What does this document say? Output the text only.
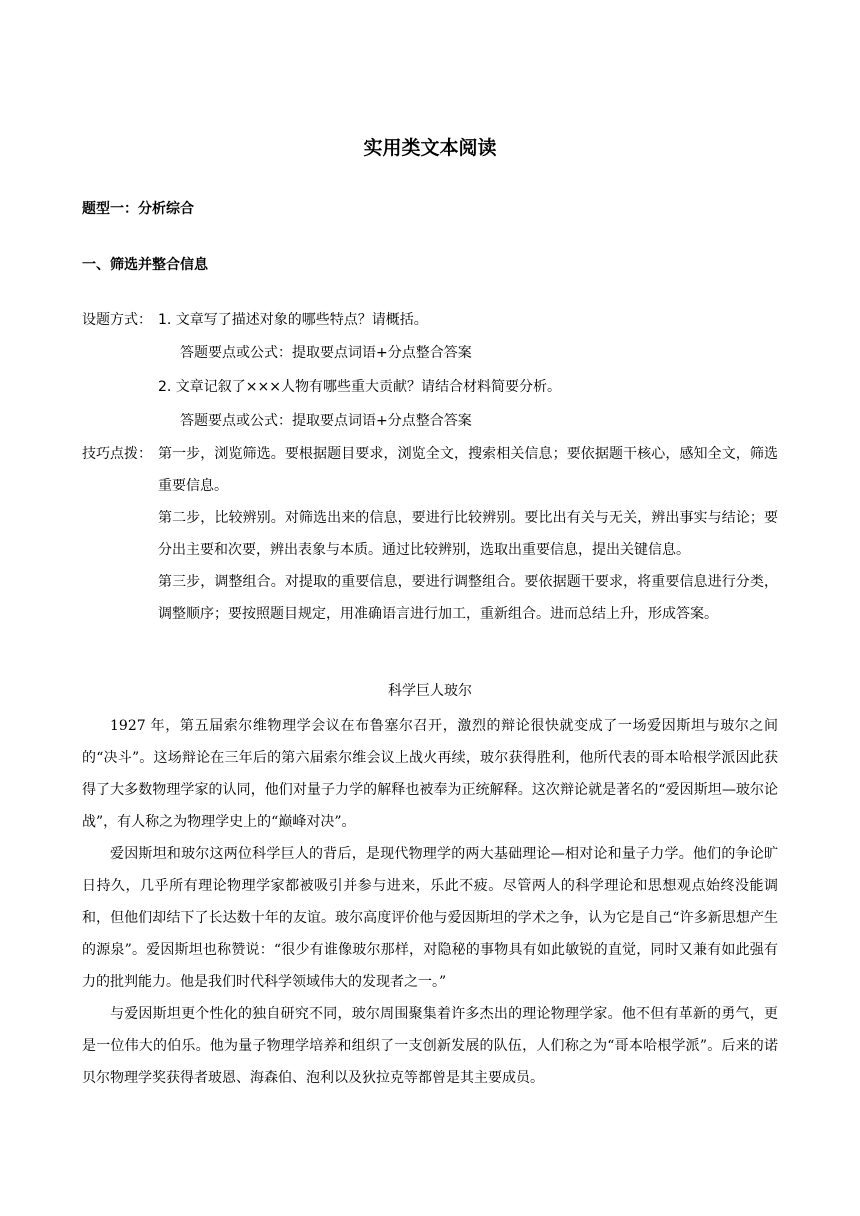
实用类文本阅读
题型一：分析综合
一、筛选并整合信息
设题方式： 1. 文章写了描述对象的哪些特点？请概括。
答题要点或公式：提取要点词语+分点整合答案
2. 文章记叙了×××人物有哪些重大贡献？请结合材料简要分析。
答题要点或公式：提取要点词语+分点整合答案
技巧点拨： 第一步，浏览筛选。要根据题目要求，浏览全文，搜索相关信息；要依据题干核心，感知全文，筛选重要信息。
第二步，比较辨别。对筛选出来的信息，要进行比较辨别。要比出有关与无关，辨出事实与结论；要分出主要和次要，辨出表象与本质。通过比较辨别，选取出重要信息，提出关键信息。
第三步，调整组合。对提取的重要信息，要进行调整组合。要依据题干要求，将重要信息进行分类，调整顺序；要按照题目规定，用准确语言进行加工，重新组合。进而总结上升，形成答案。
科学巨人玻尔

1927 年，第五届索尔维物理学会议在布鲁塞尔召开，激烈的辩论很快就变成了一场爱因斯坦与玻尔之间的“决斗”。这场辩论在三年后的第六届索尔维会议上战火再续，玻尔获得胜利，他所代表的哥本哈根学派因此获得了大多数物理学家的认同，他们对量子力学的解释也被奉为正统解释。这次辩论就是著名的“爱因斯坦—玻尔论战”，有人称之为物理学史上的“巅峰对决”。

爱因斯坦和玻尔这两位科学巨人的背后，是现代物理学的两大基础理论—相对论和量子力学。他们的争论旷日持久，几乎所有理论物理学家都被吸引并参与进来，乐此不疲。尽管两人的科学理论和思想观点始终没能调和，但他们却结下了长达数十年的友谊。玻尔高度评价他与爱因斯坦的学术之争，认为它是自己“许多新思想产生的源泉”。爱因斯坦也称赞说：“很少有谁像玻尔那样，对隐秘的事物具有如此敏锐的直觉，同时又兼有如此强有力的批判能力。他是我们时代科学领域伟大的发现者之一。”

与爱因斯坦更个性化的独自研究不同，玻尔周围聚集着许多杰出的理论物理学家。他不但有革新的勇气，更是一位伟大的伯乐。他为量子物理学培养和组织了一支创新发展的队伍，人们称之为“哥本哈根学派”。后来的诺贝尔物理学奖获得者玻恩、海森伯、泡利以及狄拉克等都曾是其主要成员。
